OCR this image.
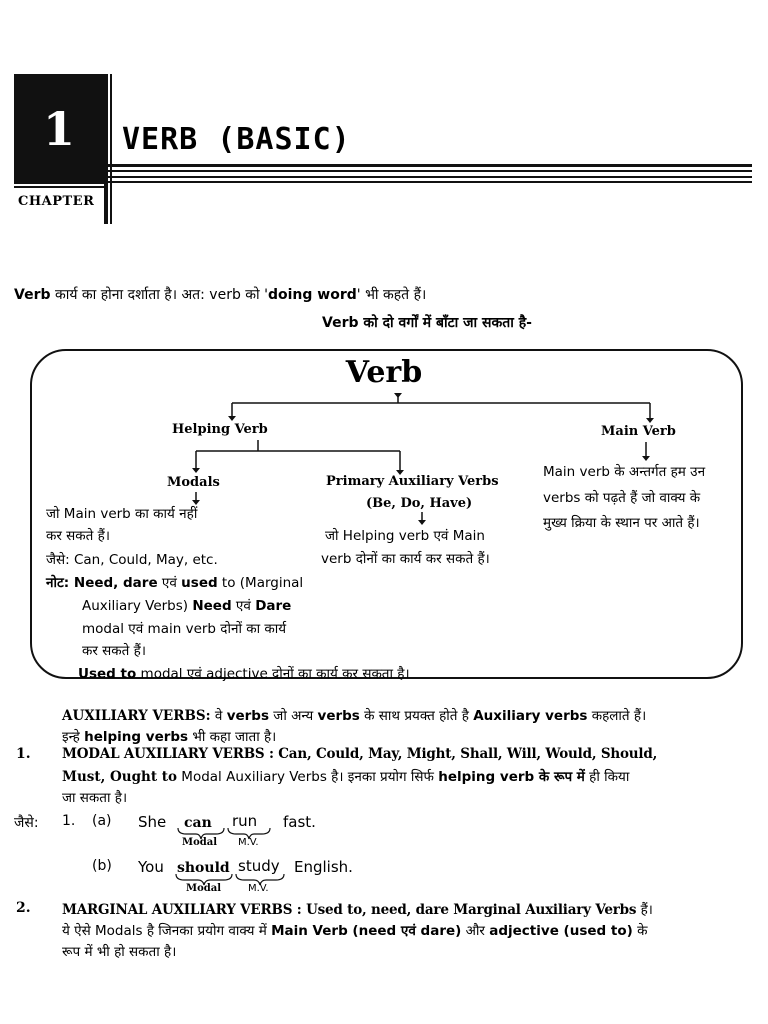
1	VERB (BASIC)
CHAPTER
Verb कार्य का होना दर्शाता है। अत: verb को 'doing word' भी कहते हैं।
Verb को दो वर्गों में बाँटा जा सकता है-
Verb
Helping Verb	Main Verb
Modals	Primary Auxiliary Verbs
(Be, Do, Have)
Main verb के अन्तर्गत हम उन
verbs को पढ़ते हैं जो वाक्य के
मुख्य क्रिया के स्थान पर आते हैं।
जो Main verb का कार्य नहीं
कर सकते हैं।
जैसे: Can, Could, May, etc.
जो Helping verb एवं Main
verb दोनों का कार्य कर सकते हैं।
नोट: Need, dare एवं used to (Marginal
Auxiliary Verbs) Need एवं Dare
modal एवं main verb दोनों का कार्य
कर सकते हैं।
Used to modal एवं adjective दोनों का कार्य कर सकता है।
AUXILIARY VERBS: वे verbs जो अन्य verbs के साथ प्रयक्त होते है Auxiliary verbs कहलाते हैं।
इन्हे helping verbs भी कहा जाता है।
1. MODAL AUXILIARY VERBS : Can, Could, May, Might, Shall, Will, Would, Should,
Must, Ought to Modal Auxiliary Verbs है। इनका प्रयोग सिर्फ helping verb के रूप में ही किया
जा सकता है।
जैसे: 1. (a) She can run fast.
Modal M.V.
(b) You should study English.
Modal	M.V.
2. MARGINAL AUXILIARY VERBS : Used to, need, dare Marginal Auxiliary Verbs हैं।
ये ऐसे Modals है जिनका प्रयोग वाक्य में Main Verb (need एवं dare) और adjective (used to) के
रूप में भी हो सकता है।
